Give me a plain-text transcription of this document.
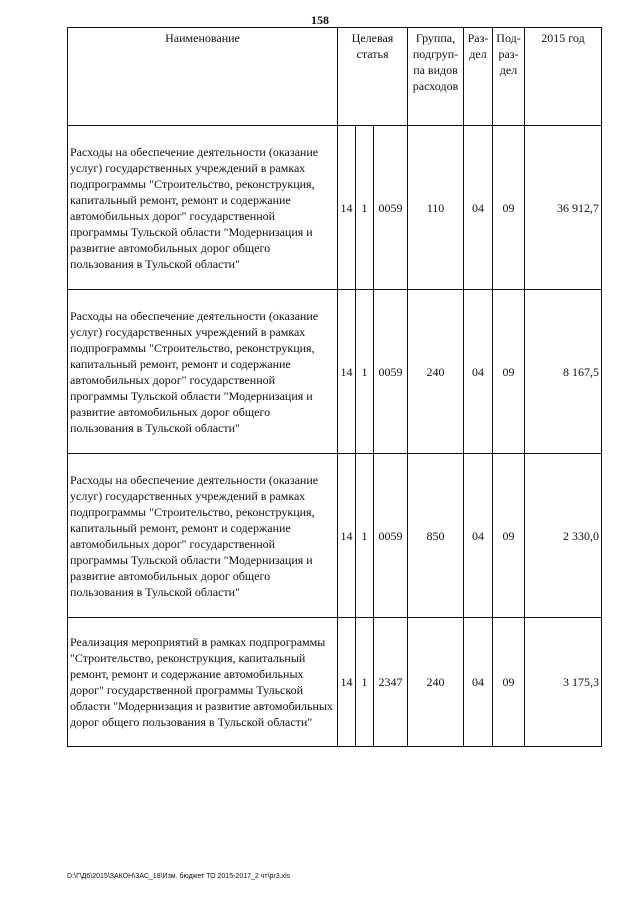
158
Наименование	Целевая статья			Группа, подгруп-па видов расходов	Раз-дел	Под-раз-дел	2015 год
Расходы на обеспечение деятельности (оказание услуг) государственных учреждений в рамках подпрограммы "Строительство, реконструкция, капитальный ремонт, ремонт и содержание автомобильных дорог" государственной программы Тульской области "Модернизация и развитие автомобильных дорог общего пользования в Тульской области"	14	1	0059	110	04	09	36 912,7
Расходы на обеспечение деятельности (оказание услуг) государственных учреждений в рамках подпрограммы "Строительство, реконструкция, капитальный ремонт, ремонт и содержание автомобильных дорог" государственной программы Тульской области "Модернизация и развитие автомобильных дорог общего пользования в Тульской области"	14	1	0059	240	04	09	8 167,5
Расходы на обеспечение деятельности (оказание услуг) государственных учреждений в рамках подпрограммы "Строительство, реконструкция, капитальный ремонт, ремонт и содержание автомобильных дорог" государственной программы Тульской области "Модернизация и развитие автомобильных дорог общего пользования в Тульской области"	14	1	0059	850	04	09	2 330,0
Реализация мероприятий в рамках подпрограммы "Строительство, реконструкция, капитальный ремонт, ремонт и содержание автомобильных дорог" государственной программы Тульской области "Модернизация и развитие автомобильных дорог общего пользования в Тульской области"	14	1	2347	240	04	09	3 175,3
D:\Г\Д6\2015\ЗАКОН\ЗАС_18\Изм. бюджет ТО 2015-2017_2 чт\pr3.xls
